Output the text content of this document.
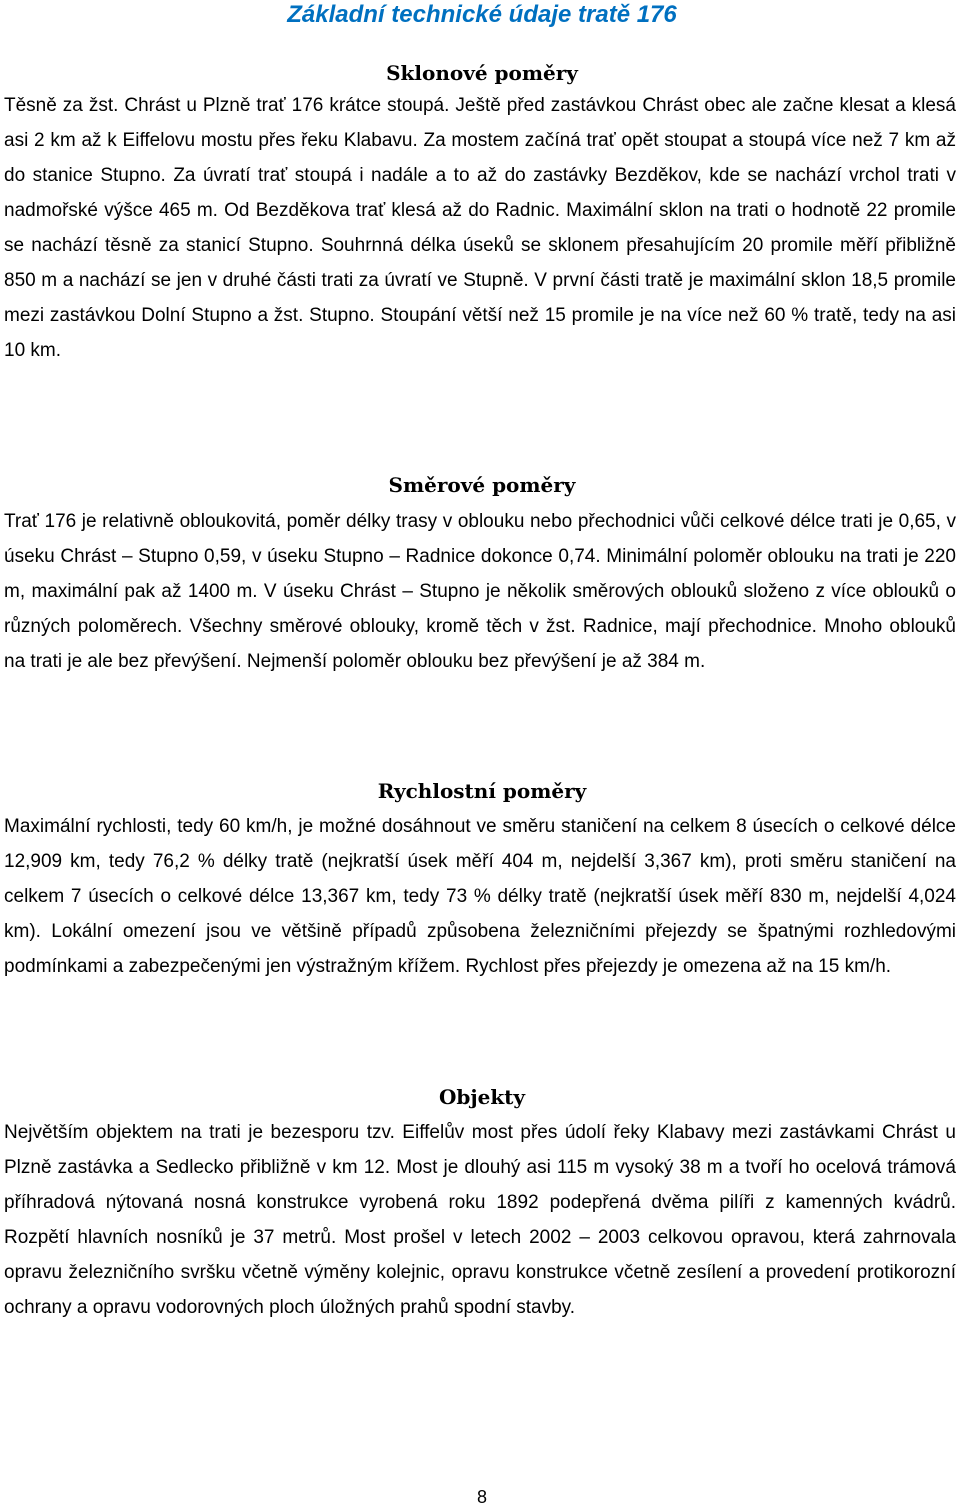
Základní technické údaje tratě 176
Sklonové poměry

Těsně za žst. Chrást u Plzně trať 176 krátce stoupá. Ještě před zastávkou Chrást obec ale začne klesat a klesá asi 2 km až k Eiffelovu mostu přes řeku Klabavu. Za mostem začíná trať opět stoupat a stoupá více než 7 km až do stanice Stupno. Za úvratí trať stoupá i nadále a to až do zastávky Bezděkov, kde se nachází vrchol trati v nadmořské výšce 465 m. Od Bezděkova trať klesá až do Radnic. Maximální sklon na trati o hodnotě 22 promile se nachází těsně za stanicí Stupno. Souhrnná délka úseků se sklonem přesahujícím 20 promile měří přibližně 850 m a nachází se jen v druhé části trati za úvratí ve Stupně. V první části tratě je maximální sklon 18,5 promile mezi zastávkou Dolní Stupno a žst. Stupno. Stoupání větší než 15 promile je na více než 60 % tratě, tedy na asi 10 km.

Směrové poměry

Trať 176 je relativně obloukovitá, poměr délky trasy v oblouku nebo přechodnici vůči celkové délce trati je 0,65, v úseku Chrást – Stupno 0,59, v úseku Stupno – Radnice dokonce 0,74. Minimální poloměr oblouku na trati je 220 m, maximální pak až 1400 m. V úseku Chrást – Stupno je několik směrových oblouků složeno z více oblouků o různých poloměrech. Všechny směrové oblouky, kromě těch v žst. Radnice, mají přechodnice. Mnoho oblouků na trati je ale bez převýšení. Nejmenší poloměr oblouku bez převýšení je až 384 m.

Rychlostní poměry

Maximální rychlosti, tedy 60 km/h, je možné dosáhnout ve směru staničení na celkem 8 úsecích o celkové délce 12,909 km, tedy 76,2 % délky tratě (nejkratší úsek měří 404 m, nejdelší 3,367 km), proti směru staničení na celkem 7 úsecích o celkové délce 13,367 km, tedy 73 % délky tratě (nejkratší úsek měří 830 m, nejdelší 4,024 km). Lokální omezení jsou ve většině případů způsobena železničními přejezdy se špatnými rozhledovými podmínkami a zabezpečenými jen výstražným křížem. Rychlost přes přejezdy je omezena až na 15 km/h.

Objekty

Největším objektem na trati je bezesporu tzv. Eiffelův most přes údolí řeky Klabavy mezi zastávkami Chrást u Plzně zastávka a Sedlecko přibližně v km 12. Most je dlouhý asi 115 m vysoký 38 m a tvoří ho ocelová trámová příhradová nýtovaná nosná konstrukce vyrobená roku 1892 podepřená dvěma pilíři z kamenných kvádrů. Rozpětí hlavních nosníků je 37 metrů. Most prošel v letech 2002 – 2003 celkovou opravou, která zahrnovala opravu železničního svršku včetně výměny kolejnic, opravu konstrukce včetně zesílení a provedení protikorozní ochrany a opravu vodorovných ploch úložných prahů spodní stavby.

8
